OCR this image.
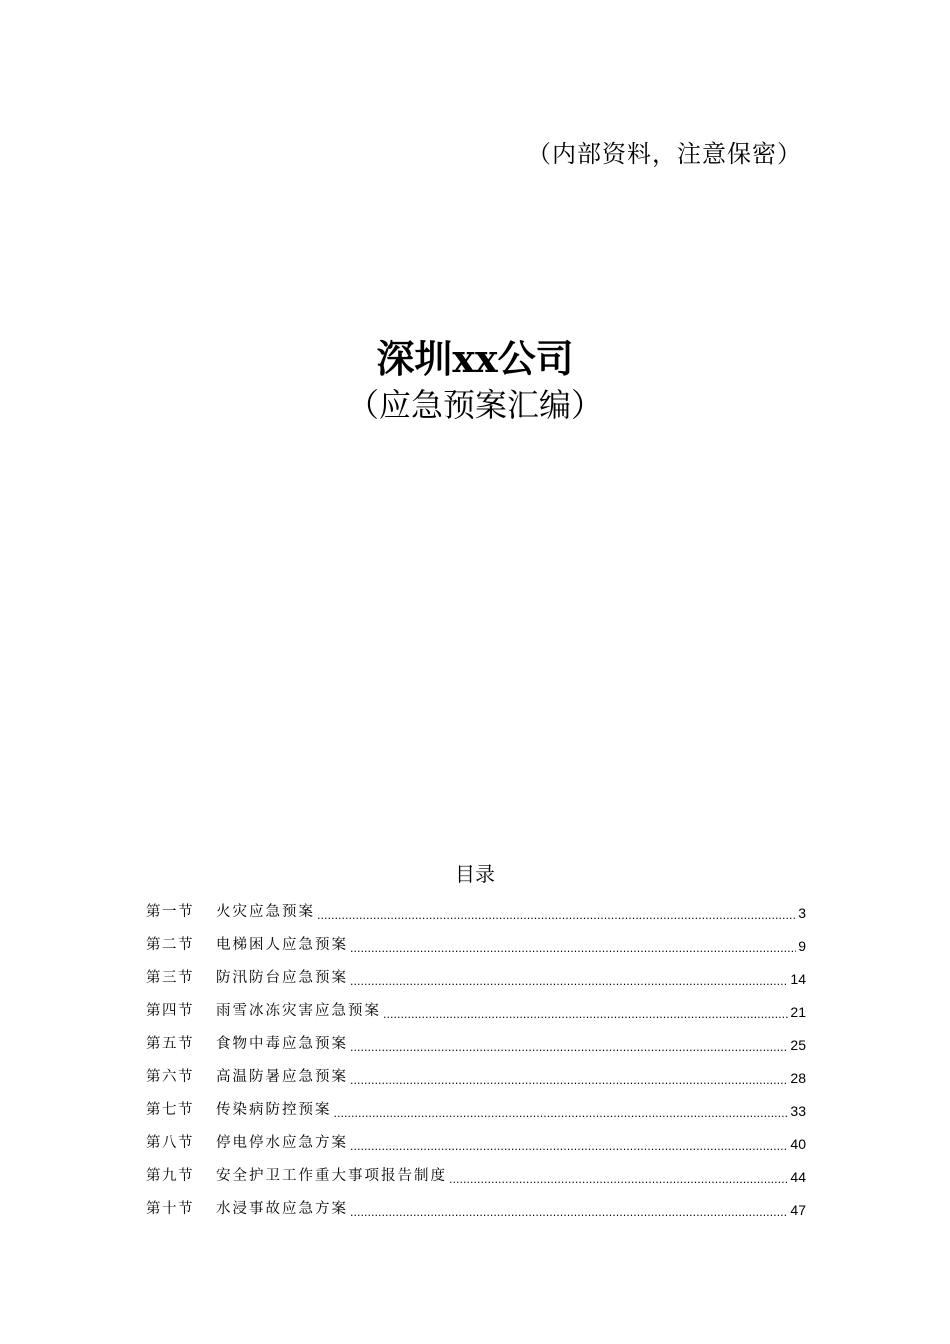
（内部资料，注意保密）
深圳xx公司
（应急预案汇编）
目录
第一节	火灾应急预案 .....	3
第二节	电梯困人应急预案 .....	9
第三节	防汛防台应急预案 .....	14
第四节	雨雪冰冻灾害应急预案 .....	21
第五节	食物中毒应急预案 .....	25
第六节	高温防暑应急预案 .....	28
第七节	传染病防控预案 .....	33
第八节	停电停水应急方案 .....	40
第九节	安全护卫工作重大事项报告制度 .....	44
第十节	水浸事故应急方案 .....	47
